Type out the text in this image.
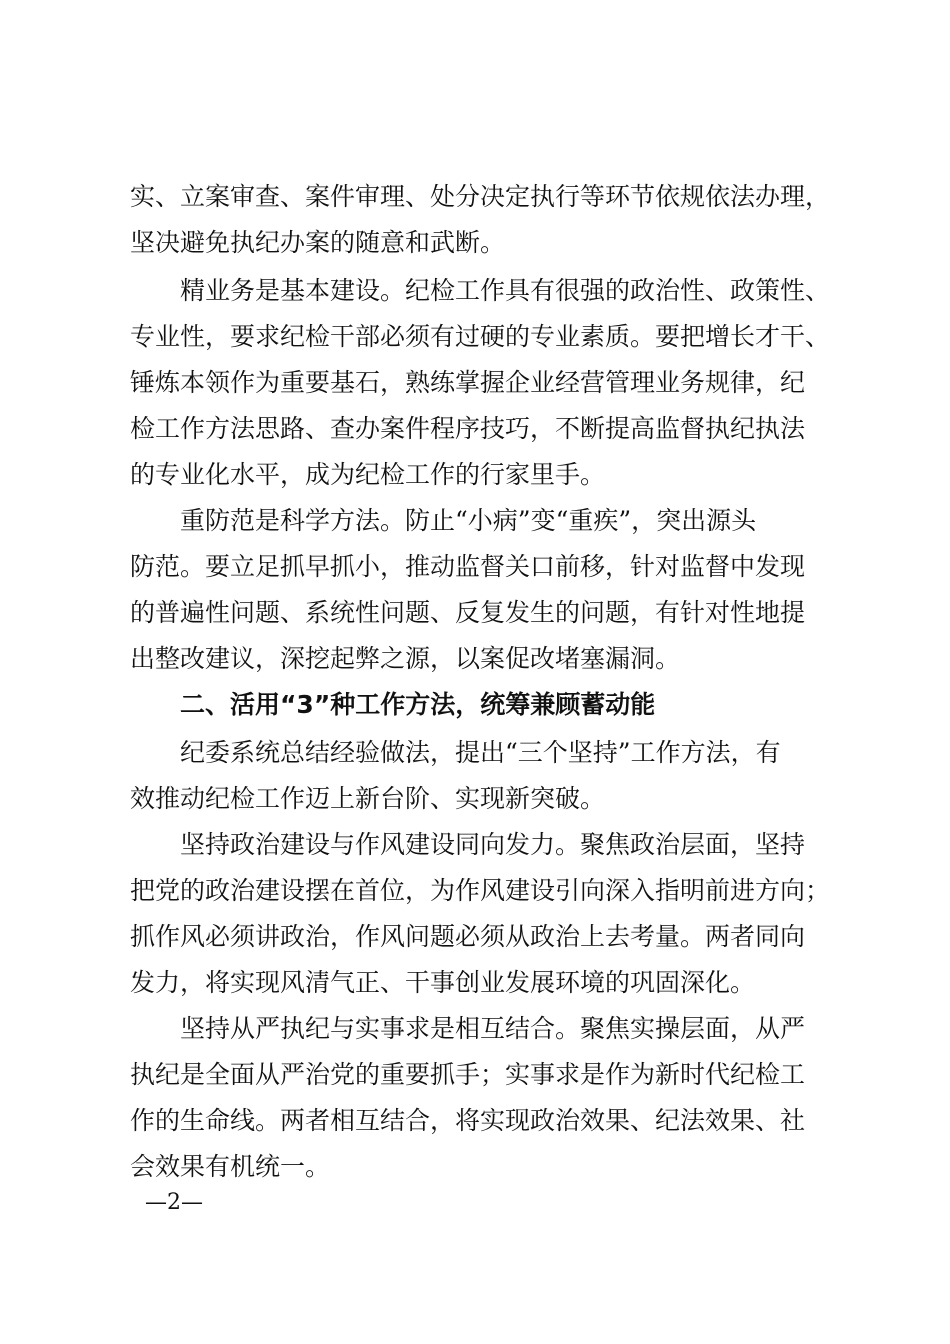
实、立案审查、案件审理、处分决定执行等环节依规依法办理，
坚决避免执纪办案的随意和武断。
精业务是基本建设。纪检工作具有很强的政治性、政策性、
专业性，要求纪检干部必须有过硬的专业素质。要把增长才干、
锤炼本领作为重要基石，熟练掌握企业经营管理业务规律，纪
检工作方法思路、查办案件程序技巧，不断提高监督执纪执法
的专业化水平，成为纪检工作的行家里手。
重防范是科学方法。防止“小病”变“重疾”，突出源头
防范。要立足抓早抓小，推动监督关口前移，针对监督中发现
的普遍性问题、系统性问题、反复发生的问题，有针对性地提
出整改建议，深挖起弊之源，以案促改堵塞漏洞。
二、活用“3”种工作方法，统筹兼顾蓄动能
纪委系统总结经验做法，提出“三个坚持”工作方法，有
效推动纪检工作迈上新台阶、实现新突破。
坚持政治建设与作风建设同向发力。聚焦政治层面，坚持
把党的政治建设摆在首位，为作风建设引向深入指明前进方向；
抓作风必须讲政治，作风问题必须从政治上去考量。两者同向
发力，将实现风清气正、干事创业发展环境的巩固深化。
坚持从严执纪与实事求是相互结合。聚焦实操层面，从严
执纪是全面从严治党的重要抓手；实事求是作为新时代纪检工
作的生命线。两者相互结合，将实现政治效果、纪法效果、社
会效果有机统一。
—2—
